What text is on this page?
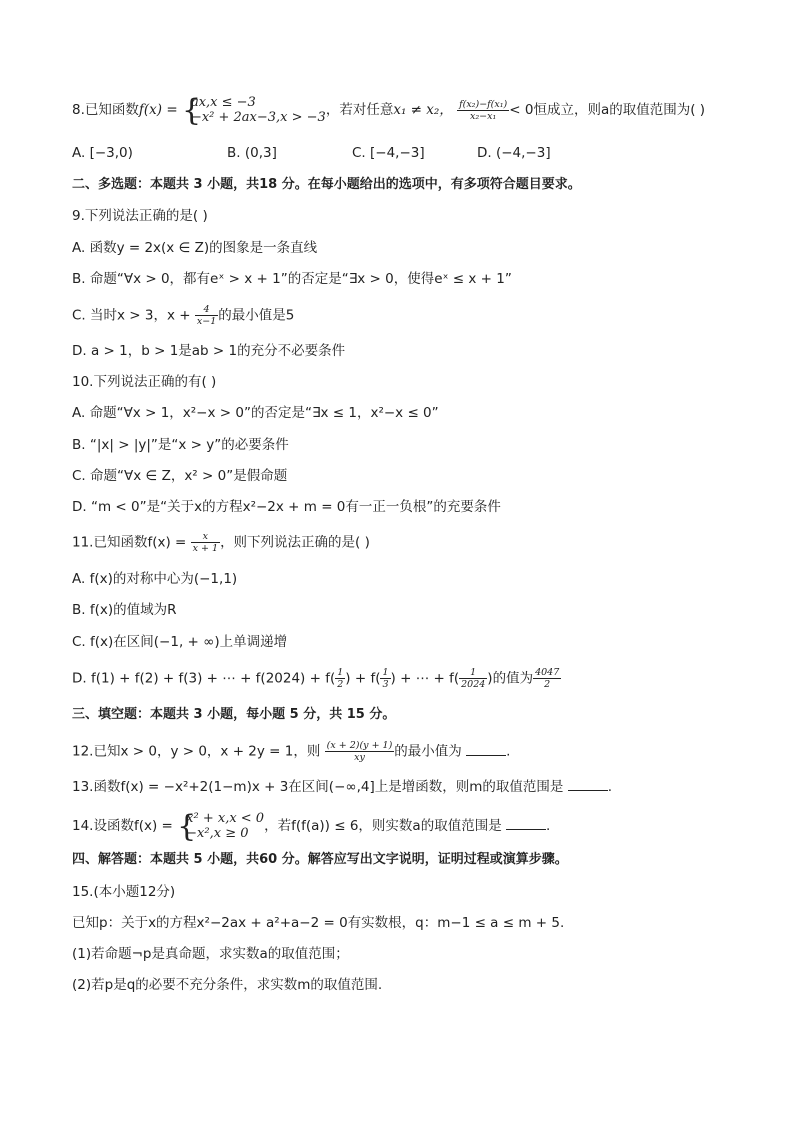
8.已知函数f(x) = {
ax,x ≤ −3
−x² + 2ax−3,x > −3 ，若对任意x₁ ≠ x₂， $\frac{\text{f(x₂)−f(x₁)}}{\text{x₂−x₁}} < 0$恒成立，则a的取值范围为( )
A. [−3,0)	B. (0,3]	C. [−4,−3]	D. (−4,−3]
二、多选题：本题共 3 小题，共18 分。在每小题给出的选项中，有多项符合题目要求。
9.下列说法正确的是( )
A. 函数y = 2x(x ∈ Z)的图象是一条直线
B. 命题“∀x > 0，都有eˣ > x + 1”的否定是“∃x > 0，使得eˣ ≤ x + 1”
C. 当时x > 3，$x + \frac{4}{x-1}$ 的最小值是5
D. a > 1，b > 1是ab > 1的充分不必要条件
10.下列说法正确的有( )
A. 命题“∀x > 1，x²−x > 0”的否定是“∃x ≤ 1，x²−x ≤ 0”
B. “|x| > |y|”是“x > y”的必要条件
C. 命题“∀x ∈ Z，x² > 0”是假命题
D. “m < 0”是“关于x的方程x²−2x + m = 0有一正一负根”的充要条件
11.已知函数$f(x) = \frac{x}{x + 1}$ ，则下列说法正确的是( )
A. f(x)的对称中心为(−1,1)
B. f(x)的值域为R
C. f(x)在区间(−1, + ∞)上单调递增
D. f(1) + f(2) + f(3) + ⋯ + $f(2024) + f( \frac{1}{2}$ ) + $f( \frac{1}{3}$ ) + ⋯ + $f( \frac{1}{2024}$ )的值为 $\frac{4047}{2}$
三、填空题：本题共 3 小题，每小题 5 分，共 15 分。
12.已知x > 0，y > 0，x + 2y = 1，则 $\frac{(x + 2)(y + 1)}{xy}$ 的最小值为	.
13.函数f(x) = −x²+2(1−m)x + 3在区间(−∞,4]上是增函数，则m的取值范围是	.
14.设函数f(x) = {
x² + x,x < 0
−x²,x ≥ 0	，若f(f(a)) ≤ 6，则实数a的取值范围是	.
四、解答题：本题共 5 小题，共60 分。解答应写出文字说明，证明过程或演算步骤。
15.(本小题12分)
已知p：关于x的方程x²−2ax + a²+a−2 = 0有实数根，q：m−1 ≤ a ≤ m + 5.
(1)若命题¬p是真命题，求实数a的取值范围；
(2)若p是q的必要不充分条件，求实数m的取值范围.
